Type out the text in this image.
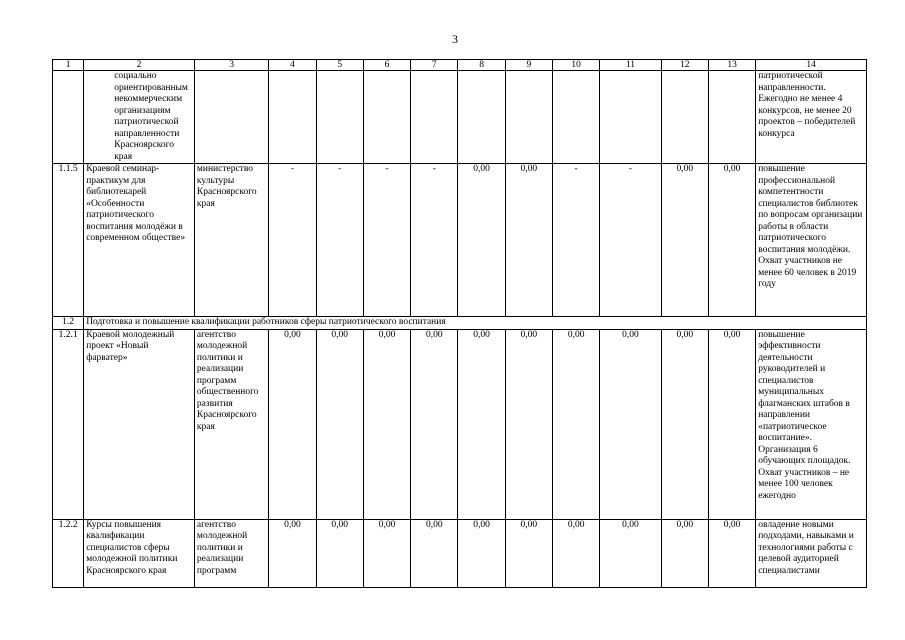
3
1	2	3	4	5	6	7	8	9	10	11	12	13	14
	социально ориентированным некоммерческим организациям патриотической направленности Красноярского края												патриотической направленности. Ежегодно не менее 4 конкурсов, не менее 20 проектов – победителей конкурса
1.1.5	Краевой семинар-практикум для библиотекарей «Особенности патриотического воспитания молодёжи в современном обществе»	министерство культуры Красноярского края	-	-	-	-	0,00	0,00	-	-	0,00	0,00	повышение профессиональной компетентности специалистов библиотек по вопросам организации работы в области патриотического воспитания молодёжи. Охват участников не менее 60 человек в 2019 году
1.2	Подготовка и повышение квалификации работников сферы патриотического воспитания												
1.2.1	Краевой молодежный проект «Новый фарватер»	агентство молодежной политики и реализации программ общественного развития Красноярского края	0,00	0,00	0,00	0,00	0,00	0,00	0,00	0,00	0,00	0,00	повышение эффективности деятельности руководителей и специалистов муниципальных флагманских штабов в направлении «патриотическое воспитание». Организация 6 обучающих площадок. Охват участников – не менее 100 человек ежегодно
1.2.2	Курсы повышения квалификации специалистов сферы молодежной политики Красноярского края	агентство молодежной политики и реализации программ	0,00	0,00	0,00	0,00	0,00	0,00	0,00	0,00	0,00	0,00	овладение новыми подходами, навыками и технологиями работы с целевой аудиторией специалистами
